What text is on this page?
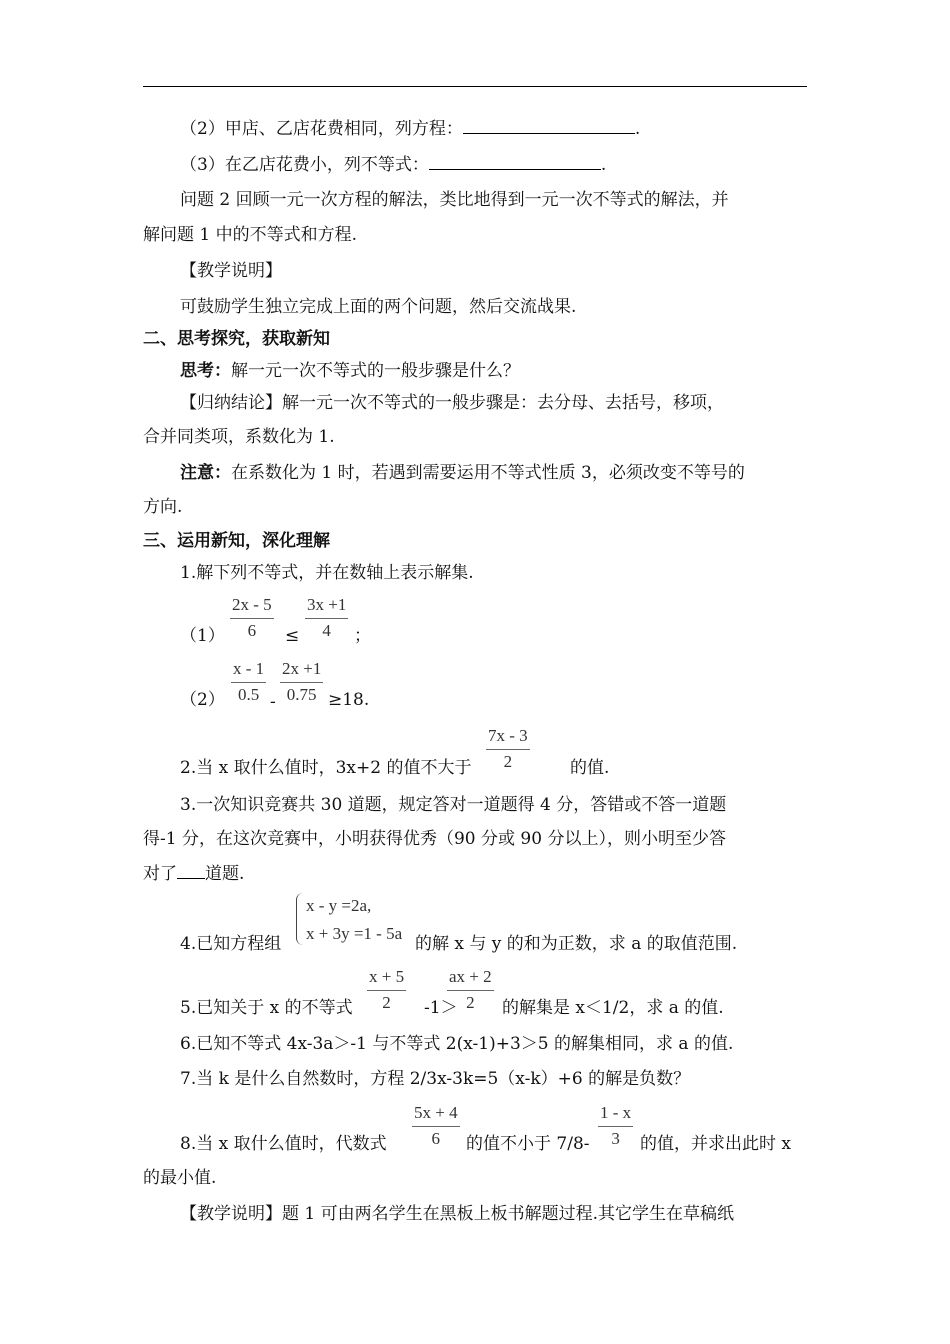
（2）甲店、乙店花费相同，列方程：	.
（3）在乙店花费小，列不等式：	.
问题 2 回顾一元一次方程的解法，类比地得到一元一次不等式的解法，并
解问题 1 中的不等式和方程.
【教学说明】
可鼓励学生独立完成上面的两个问题，然后交流战果.
二、思考探究，获取新知
思考：解一元一次不等式的一般步骤是什么？
【归纳结论】解一元一次不等式的一般步骤是：去分母、去括号，移项，
合并同类项，系数化为 1.
注意：在系数化为 1 时，若遇到需要运用不等式性质 3，必须改变不等号的
方向.
三、运用新知，深化理解
1.解下列不等式，并在数轴上表示解集.
2x - 5
6
（1）	≤
3x +1
4	；
x - 1
0.5
（2）	-
2x +1
0.75 ≥18.
7x - 3
2
2.当 x 取什么值时，3x+2 的值不大于	的值.
3.一次知识竞赛共 30 道题，规定答对一道题得 4 分，答错或不答一道题
得-1 分，在这次竞赛中，小明获得优秀（90 分或 90 分以上），则小明至少答
对了 道题.
x - y =2a,
x + 3y =1 - 5a
4.已知方程组	的解 x 与 y 的和为正数，求 a 的取值范围.
x + 5
2
5.已知关于 x 的不等式	-1＞
ax + 2
2	的解集是 x＜1/2，求 a 的值.
6.已知不等式 4x-3a＞-1 与不等式 2(x-1)+3＞5 的解集相同，求 a 的值.
7.当 k 是什么自然数时，方程 2/3x-3k=5（x-k）+6 的解是负数？
5x + 4
6
8.当 x 取什么值时，代数式	的值不小于 7/8-
1 - x
3	的值，并求出此时 x
的最小值.
【教学说明】题 1 可由两名学生在黑板上板书解题过程.其它学生在草稿纸
